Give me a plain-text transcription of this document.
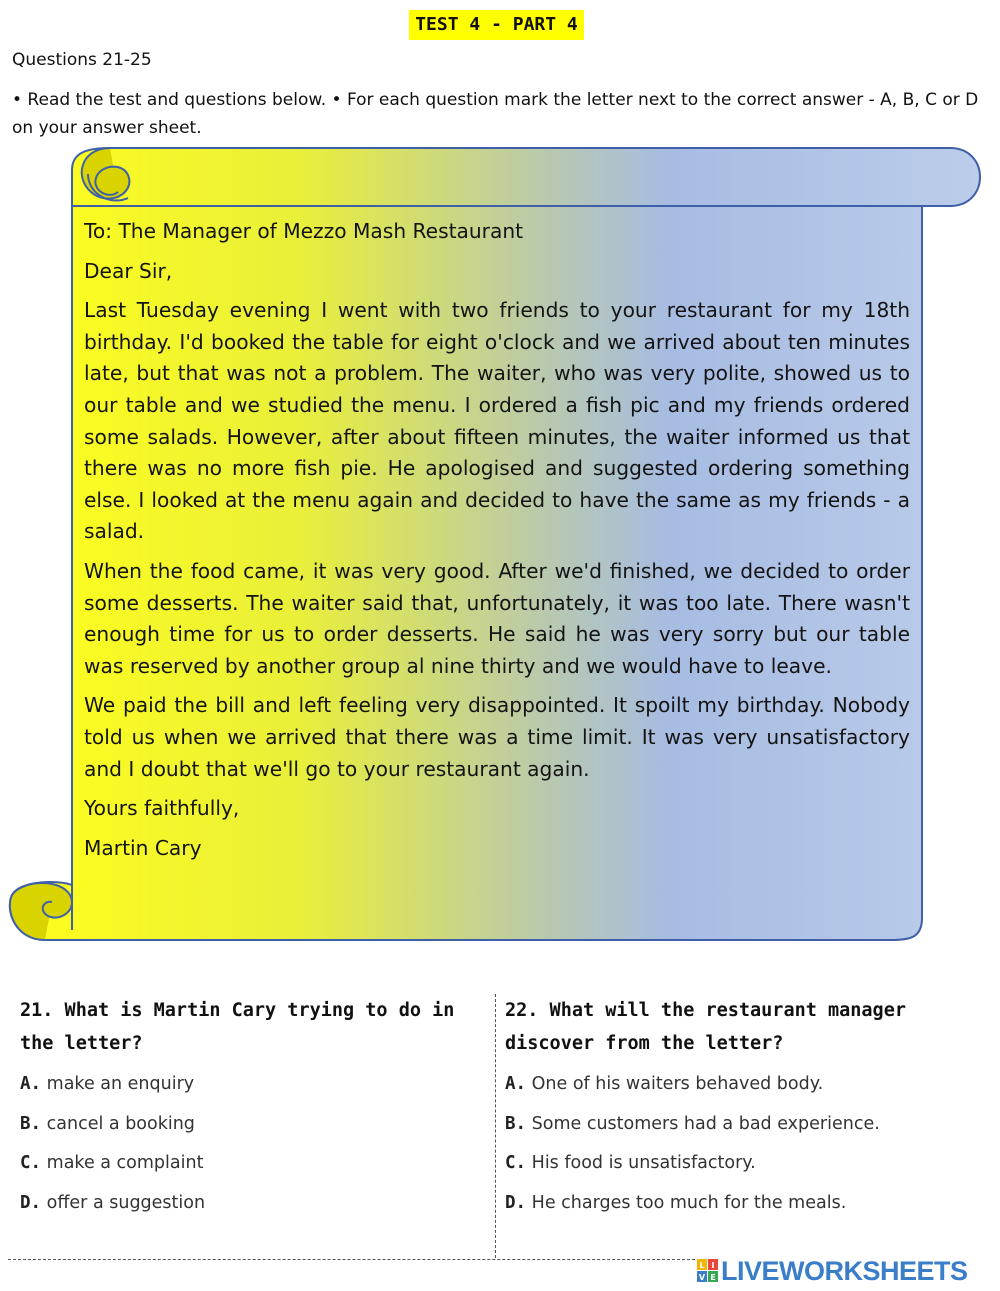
TEST 4 - PART 4
Questions 21-25
• Read the test and questions below. • For each question mark the letter next to the correct answer - A, B, C or D on your answer sheet.

To: The Manager of Mezzo Mash Restaurant

Dear Sir,

Last Tuesday evening I went with two friends to your restaurant for my 18th birthday. I'd booked the table for eight o'clock and we arrived about ten minutes late, but that was not a problem. The waiter, who was very polite, showed us to our table and we studied the menu. I ordered a fish pic and my friends ordered some salads. However, after about fifteen minutes, the waiter informed us that there was no more fish pie. He apologised and suggested ordering something else. I looked at the menu again and decided to have the same as my friends - a salad.

When the food came, it was very good. After we'd finished, we decided to order some desserts. The waiter said that, unfortunately, it was too late. There wasn't enough time for us to order desserts. He said he was very sorry but our table was reserved by another group al nine thirty and we would have to leave.

We paid the bill and left feeling very disappointed. It spoilt my birthday. Nobody told us when we arrived that there was a time limit. It was very unsatisfactory and I doubt that we'll go to your restaurant again.

Yours faithfully,

Martin Cary

21. What is Martin Cary trying to do in the letter?

A. make an enquiry
B. cancel a booking
C. make a complaint
D. offer a suggestion

22. What will the restaurant manager discover from the letter?

A. One of his waiters behaved body.
B. Some customers had a bad experience.
C. His food is unsatisfactory.
D. He charges too much for the meals.
L I
V E LIVEWORKSHEETS
